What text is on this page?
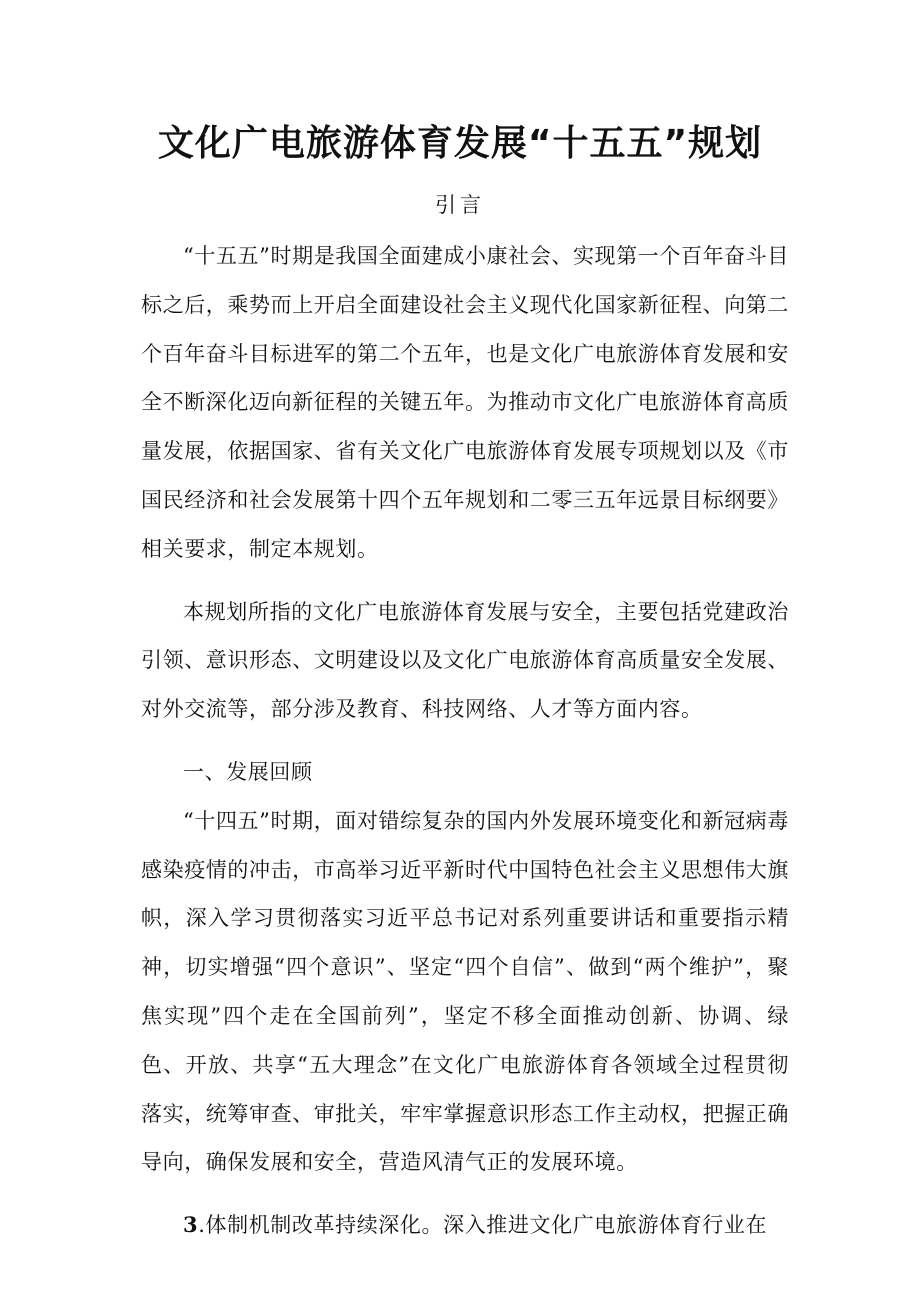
文化广电旅游体育发展“十五五”规划

引言

“十五五”时期是我国全面建成小康社会、实现第一个百年奋斗目标之后，乘势而上开启全面建设社会主义现代化国家新征程、向第二个百年奋斗目标进军的第二个五年，也是文化广电旅游体育发展和安全不断深化迈向新征程的关键五年。为推动市文化广电旅游体育高质量发展，依据国家、省有关文化广电旅游体育发展专项规划以及《市国民经济和社会发展第十四个五年规划和二零三五年远景目标纲要》相关要求，制定本规划。

本规划所指的文化广电旅游体育发展与安全，主要包括党建政治引领、意识形态、文明建设以及文化广电旅游体育高质量安全发展、对外交流等，部分涉及教育、科技网络、人才等方面内容。

一、发展回顾

“十四五”时期，面对错综复杂的国内外发展环境变化和新冠病毒感染疫情的冲击，市高举习近平新时代中国特色社会主义思想伟大旗帜，深入学习贯彻落实习近平总书记对系列重要讲话和重要指示精神，切实增强“四个意识”、坚定“四个自信”、做到“两个维护”，聚焦实现”四个走在全国前列”，坚定不移全面推动创新、协调、绿色、开放、共享“五大理念”在文化广电旅游体育各领域全过程贯彻落实，统筹审查、审批关，牢牢掌握意识形态工作主动权，把握正确导向，确保发展和安全，营造风清气正的发展环境。

3.体制机制改革持续深化。深入推进文化广电旅游体育行业在
